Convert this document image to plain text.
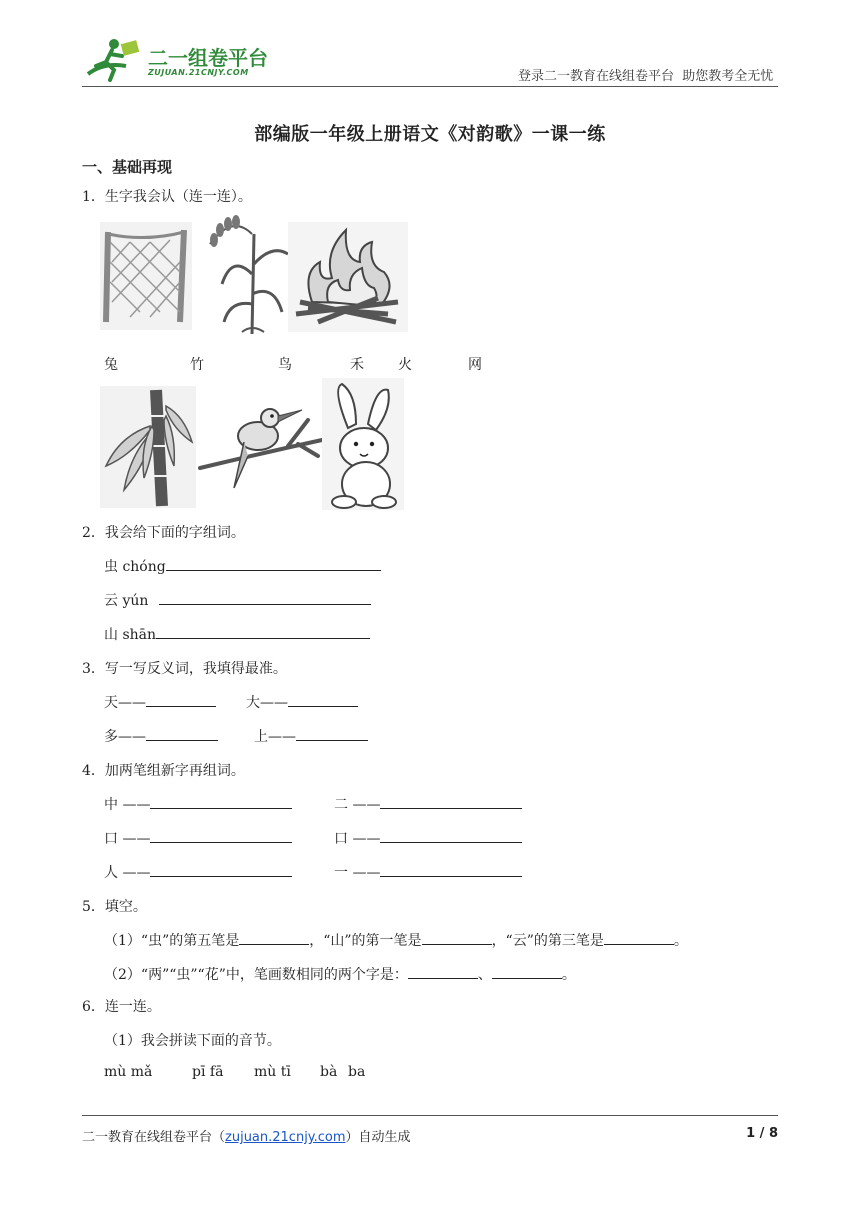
二一组卷平台
ZUJUAN.21CNJY.COM	登录二一教育在线组卷平台  助您教考全无忧
部编版一年级上册语文《对韵歌》一课一练
一、基础再现
1．生字我会认（连一连）。
兔	竹	鸟	禾 火	网
2．我会给下面的字组词。
虫 chóng
云 yún
山 shān
3．写一写反义词，我填得最准。
天——	大——
多——	上——
4．加两笔组新字再组词。
中 ——	二 ——
口 ——	口 ——
人 ——	一 ——
5．填空。
（1）“虫”的第五笔是	，“山”的第一笔是	，“云”的第三笔是	。
（2）“两”“虫”“花”中，笔画数相同的两个字是：	、	。
6．连一连。
（1）我会拼读下面的音节。
mù mǎ	pī fā mù tī bà ba
二一教育在线组卷平台（zujuan.21cnjy.com）自动生成	1 / 8
